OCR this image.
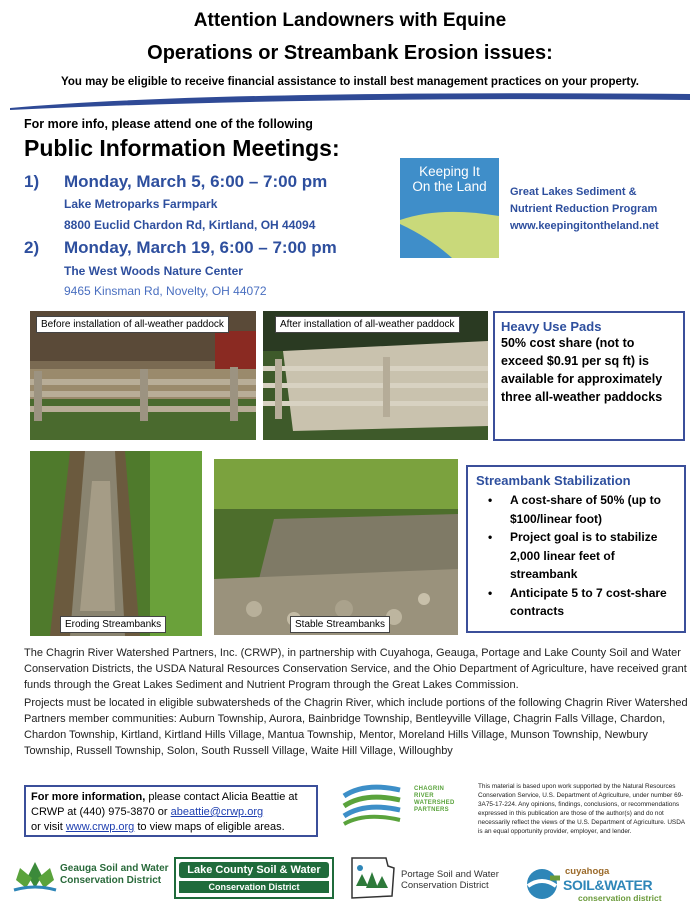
Attention Landowners with Equine
Operations or Streambank Erosion issues:
You may be eligible to receive financial assistance to install best management practices on your property.
For more info, please attend one of the following
Public Information Meetings:
1) Monday, March 5, 6:00 – 7:00 pm
Lake Metroparks Farmpark
8800 Euclid Chardon Rd, Kirtland, OH 44094
2) Monday, March 19, 6:00 – 7:00 pm
The West Woods Nature Center
9465 Kinsman Rd, Novelty, OH 44072
Keeping It
On the Land	Great Lakes Sediment &
Nutrient Reduction Program
www.keepingitontheland.net
Before installation of all-weather paddock	After installation of all-weather paddock	Heavy Use Pads

50% cost share (not to

exceed $0.91 per sq ft) is

available for approximately

three all-weather paddocks

Eroding Streambanks	Stable Streambanks
Streambank Stabilization
• A cost-share of 50% (up to
$100/linear foot)
• Project goal is to stabilize
2,000 linear feet of
streambank
• Anticipate 5 to 7 cost-share
contracts
The Chagrin River Watershed Partners, Inc. (CRWP), in partnership with Cuyahoga, Geauga, Portage and Lake County Soil and Water Conservation Districts, the USDA Natural Resources Conservation Service, and the Ohio Department of Agriculture, have received grant funds through the Great Lakes Sediment and Nutrient Program through the Great Lakes Commission.
Projects must be located in eligible subwatersheds of the Chagrin River, which include portions of the following Chagrin River Watershed Partners member communities: Auburn Township, Aurora, Bainbridge Township, Bentleyville Village, Chagrin Falls Village, Chardon, Chardon Township, Kirtland, Kirtland Hills Village, Mantua Township, Mentor, Moreland Hills Village, Munson Township, Newbury Township, Russell Township, Solon, South Russell Village, Waite Hill Village, Willoughby
For more information, please contact Alicia Beattie at
CRWP at (440) 975-3870 or abeattie@crwp.org
or visit www.crwp.org to view maps of eligible areas.
CHAGRIN
RIVER
WATERSHED
PARTNERS
This material is based upon work supported by the Natural Resources Conservation Service, U.S. Department of Agriculture, under number 69-3A75-17-224. Any opinions, findings, conclusions, or recommendations expressed in this publication are those of the author(s) and do not necessarily reflect the views of the U.S. Department of Agriculture. USDA is an equal opportunity provider, employer, and lender.
Geauga Soil and Water
Conservation District
Lake County Soil & Water
Conservation District
Portage Soil and Water
Conservation District
cuyahoga
SOIL&WATER
conservation district
